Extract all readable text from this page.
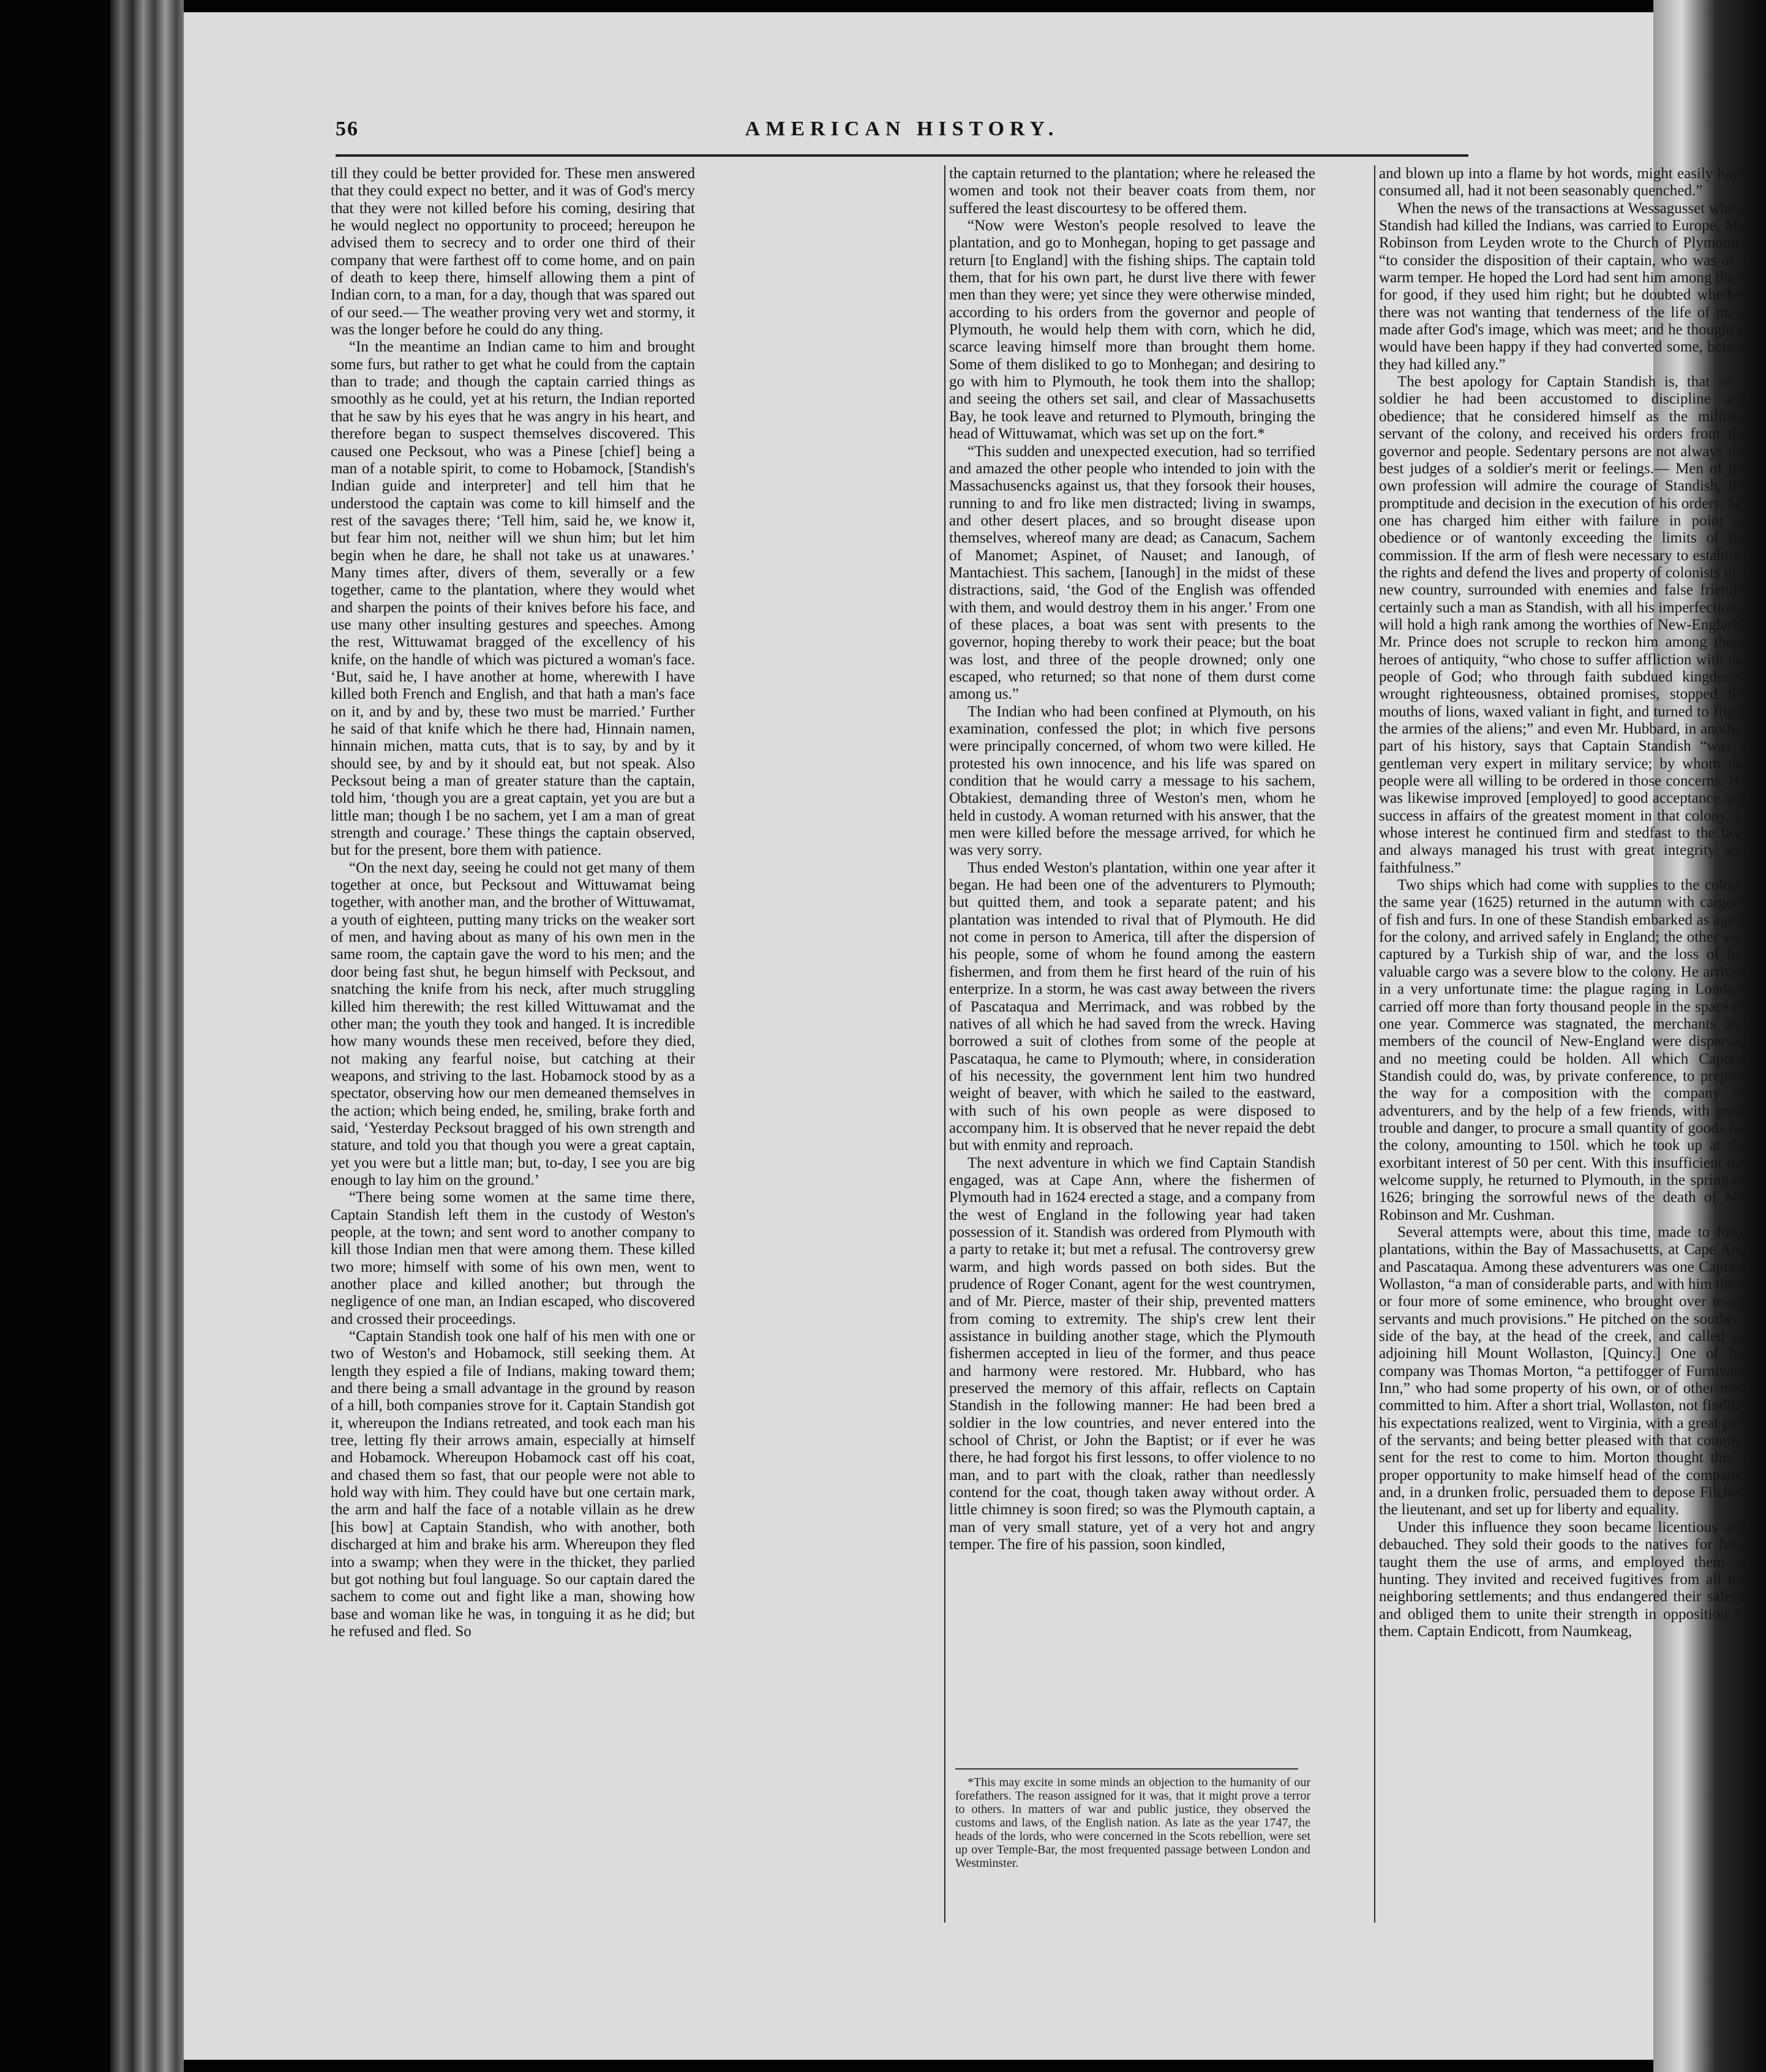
56	AMERICAN HISTORY.

till they could be better provided for. These men answered that they could expect no better, and it was of God's mercy that they were not killed before his coming, desiring that he would neglect no opportunity to proceed; hereupon he advised them to secrecy and to order one third of their company that were farthest off to come home, and on pain of death to keep there, himself allowing them a pint of Indian corn, to a man, for a day, though that was spared out of our seed.— The weather proving very wet and stormy, it was the longer before he could do any thing.

“In the meantime an Indian came to him and brought some furs, but rather to get what he could from the captain than to trade; and though the captain carried things as smoothly as he could, yet at his return, the Indian reported that he saw by his eyes that he was angry in his heart, and therefore began to suspect themselves discovered. This caused one Pecksout, who was a Pinese [chief] being a man of a notable spirit, to come to Hobamock, [Standish's Indian guide and interpreter] and tell him that he understood the captain was come to kill himself and the rest of the savages there; ‘Tell him, said he, we know it, but fear him not, neither will we shun him; but let him begin when he dare, he shall not take us at unawares.’ Many times after, divers of them, severally or a few together, came to the plantation, where they would whet and sharpen the points of their knives before his face, and use many other insulting gestures and speeches. Among the rest, Wittuwamat bragged of the excellency of his knife, on the handle of which was pictured a woman's face. ‘But, said he, I have another at home, wherewith I have killed both French and English, and that hath a man's face on it, and by and by, these two must be married.’ Further he said of that knife which he there had, Hinnain namen, hinnain michen, matta cuts, that is to say, by and by it should see, by and by it should eat, but not speak. Also Pecksout being a man of greater stature than the captain, told him, ‘though you are a great captain, yet you are but a little man; though I be no sachem, yet I am a man of great strength and courage.’ These things the captain observed, but for the present, bore them with patience.

“On the next day, seeing he could not get many of them together at once, but Pecksout and Wittuwamat being together, with another man, and the brother of Wittuwamat, a youth of eighteen, putting many tricks on the weaker sort of men, and having about as many of his own men in the same room, the captain gave the word to his men; and the door being fast shut, he begun himself with Pecksout, and snatching the knife from his neck, after much struggling killed him therewith; the rest killed Wittuwamat and the other man; the youth they took and hanged. It is incredible how many wounds these men received, before they died, not making any fearful noise, but catching at their weapons, and striving to the last. Hobamock stood by as a spectator, observing how our men demeaned themselves in the action; which being ended, he, smiling, brake forth and said, ‘Yesterday Pecksout bragged of his own strength and stature, and told you that though you were a great captain, yet you were but a little man; but, to-day, I see you are big enough to lay him on the ground.’

“There being some women at the same time there, Captain Standish left them in the custody of Weston's people, at the town; and sent word to another company to kill those Indian men that were among them. These killed two more; himself with some of his own men, went to another place and killed another; but through the negligence of one man, an Indian escaped, who discovered and crossed their proceedings.

“Captain Standish took one half of his men with one or two of Weston's and Hobamock, still seeking them. At length they espied a file of Indians, making toward them; and there being a small advantage in the ground by reason of a hill, both companies strove for it. Captain Standish got it, whereupon the Indians retreated, and took each man his tree, letting fly their arrows amain, especially at himself and Hobamock. Whereupon Hobamock cast off his coat, and chased them so fast, that our people were not able to hold way with him. They could have but one certain mark, the arm and half the face of a notable villain as he drew [his bow] at Captain Standish, who with another, both discharged at him and brake his arm. Whereupon they fled into a swamp; when they were in the thicket, they parlied but got nothing but foul language. So our captain dared the sachem to come out and fight like a man, showing how base and woman like he was, in tonguing it as he did; but he refused and fled. So

the captain returned to the plantation; where he released the women and took not their beaver coats from them, nor suffered the least discourtesy to be offered them.

“Now were Weston's people resolved to leave the plantation, and go to Monhegan, hoping to get passage and return [to England] with the fishing ships. The captain told them, that for his own part, he durst live there with fewer men than they were; yet since they were otherwise minded, according to his orders from the governor and people of Plymouth, he would help them with corn, which he did, scarce leaving himself more than brought them home. Some of them disliked to go to Monhegan; and desiring to go with him to Plymouth, he took them into the shallop; and seeing the others set sail, and clear of Massachusetts Bay, he took leave and returned to Plymouth, bringing the head of Wittuwamat, which was set up on the fort.*

“This sudden and unexpected execution, had so terrified and amazed the other people who intended to join with the Massachusencks against us, that they forsook their houses, running to and fro like men distracted; living in swamps, and other desert places, and so brought disease upon themselves, whereof many are dead; as Canacum, Sachem of Manomet; Aspinet, of Nauset; and Ianough, of Mantachiest. This sachem, [Ianough] in the midst of these distractions, said, ‘the God of the English was offended with them, and would destroy them in his anger.’ From one of these places, a boat was sent with presents to the governor, hoping thereby to work their peace; but the boat was lost, and three of the people drowned; only one escaped, who returned; so that none of them durst come among us.”

The Indian who had been confined at Plymouth, on his examination, confessed the plot; in which five persons were principally concerned, of whom two were killed. He protested his own innocence, and his life was spared on condition that he would carry a message to his sachem, Obtakiest, demanding three of Weston's men, whom he held in custody. A woman returned with his answer, that the men were killed before the message arrived, for which he was very sorry.

Thus ended Weston's plantation, within one year after it began. He had been one of the adventurers to Plymouth; but quitted them, and took a separate patent; and his plantation was intended to rival that of Plymouth. He did not come in person to America, till after the dispersion of his people, some of whom he found among the eastern fishermen, and from them he first heard of the ruin of his enterprize. In a storm, he was cast away between the rivers of Pascataqua and Merrimack, and was robbed by the natives of all which he had saved from the wreck. Having borrowed a suit of clothes from some of the people at Pascataqua, he came to Plymouth; where, in consideration of his necessity, the government lent him two hundred weight of beaver, with which he sailed to the eastward, with such of his own people as were disposed to accompany him. It is observed that he never repaid the debt but with enmity and reproach.

The next adventure in which we find Captain Standish engaged, was at Cape Ann, where the fishermen of Plymouth had in 1624 erected a stage, and a company from the west of England in the following year had taken possession of it. Standish was ordered from Plymouth with a party to retake it; but met a refusal. The controversy grew warm, and high words passed on both sides. But the prudence of Roger Conant, agent for the west countrymen, and of Mr. Pierce, master of their ship, prevented matters from coming to extremity. The ship's crew lent their assistance in building another stage, which the Plymouth fishermen accepted in lieu of the former, and thus peace and harmony were restored. Mr. Hubbard, who has preserved the memory of this affair, reflects on Captain Standish in the following manner: He had been bred a soldier in the low countries, and never entered into the school of Christ, or John the Baptist; or if ever he was there, he had forgot his first lessons, to offer violence to no man, and to part with the cloak, rather than needlessly contend for the coat, though taken away without order. A little chimney is soon fired; so was the Plymouth captain, a man of very small stature, yet of a very hot and angry temper. The fire of his passion, soon kindled,

*This may excite in some minds an objection to the humanity of our forefathers. The reason assigned for it was, that it might prove a terror to others. In matters of war and public justice, they observed the customs and laws, of the English nation. As late as the year 1747, the heads of the lords, who were concerned in the Scots rebellion, were set up over Temple-Bar, the most frequented passage between London and Westminster.

and blown up into a flame by hot words, might easily have consumed all, had it not been seasonably quenched.”

When the news of the transactions at Wessagusset where Standish had killed the Indians, was carried to Europe, Mr. Robinson from Leyden wrote to the Church of Plymouth, “to consider the disposition of their captain, who was of a warm temper. He hoped the Lord had sent him among them for good, if they used him right; but he doubted whether there was not wanting that tenderness of the life of man, made after God's image, which was meet; and he thought it would have been happy if they had converted some, before they had killed any.”

The best apology for Captain Standish is, that as a soldier he had been accustomed to discipline and obedience; that he considered himself as the military servant of the colony, and received his orders from the governor and people. Sedentary persons are not always the best judges of a soldier's merit or feelings.— Men of his own profession will admire the courage of Standish, his promptitude and decision in the execution of his orders. No one has charged him either with failure in point of obedience or of wantonly exceeding the limits of his commission. If the arm of flesh were necessary to establish the rights and defend the lives and property of colonists in a new country, surrounded with enemies and false friends, certainly such a man as Standish, with all his imperfections, will hold a high rank among the worthies of New-England. Mr. Prince does not scruple to reckon him among those heroes of antiquity, “who chose to suffer affliction with the people of God; who through faith subdued kingdoms, wrought righteousness, obtained promises, stopped the mouths of lions, waxed valiant in fight, and turned to flight the armies of the aliens;” and even Mr. Hubbard, in another part of his history, says that Captain Standish “was a gentleman very expert in military service; by whom the people were all willing to be ordered in those concerns. He was likewise improved [employed] to good acceptance and success in affairs of the greatest moment in that colony, to whose interest he continued firm and stedfast to the last, and always managed his trust with great integrity and faithfulness.”

Two ships which had come with supplies to the colony the same year (1625) returned in the autumn with cargoes of fish and furs. In one of these Standish embarked as agent for the colony, and arrived safely in England; the other was captured by a Turkish ship of war, and the loss of her valuable cargo was a severe blow to the colony. He arrived in a very unfortunate time: the plague raging in London, carried off more than forty thousand people in the space of one year. Commerce was stagnated, the merchants and members of the council of New-England were dispersed and no meeting could be holden. All which Captain Standish could do, was, by private conference, to prepare the way for a composition with the company of adventurers, and by the help of a few friends, with great trouble and danger, to procure a small quantity of goods for the colony, amounting to 150l. which he took up at the exorbitant interest of 50 per cent. With this insufficient but welcome supply, he returned to Plymouth, in the spring of 1626; bringing the sorrowful news of the death of Mr. Robinson and Mr. Cushman.

Several attempts were, about this time, made to form plantations, within the Bay of Massachusetts, at Cape Ann and Pascataqua. Among these adventurers was one Captain Wollaston, “a man of considerable parts, and with him three or four more of some eminence, who brought over many servants and much provisions.” He pitched on the southern side of the bay, at the head of the creek, and called an adjoining hill Mount Wollaston, [Quincy.] One of his company was Thomas Morton, “a pettifogger of Furnival's Inn,” who had some property of his own, or of other men committed to him. After a short trial, Wollaston, not finding his expectations realized, went to Virginia, with a great part of the servants; and being better pleased with that country, sent for the rest to come to him. Morton thought this a proper opportunity to make himself head of the company; and, in a drunken frolic, persuaded them to depose Filcher, the lieutenant, and set up for liberty and equality.

Under this influence they soon became licentious and debauched. They sold their goods to the natives for furs, taught them the use of arms, and employed them in hunting. They invited and received fugitives from all the neighboring settlements; and thus endangered their safety, and obliged them to unite their strength in opposition to them. Captain Endicott, from Naumkeag,
